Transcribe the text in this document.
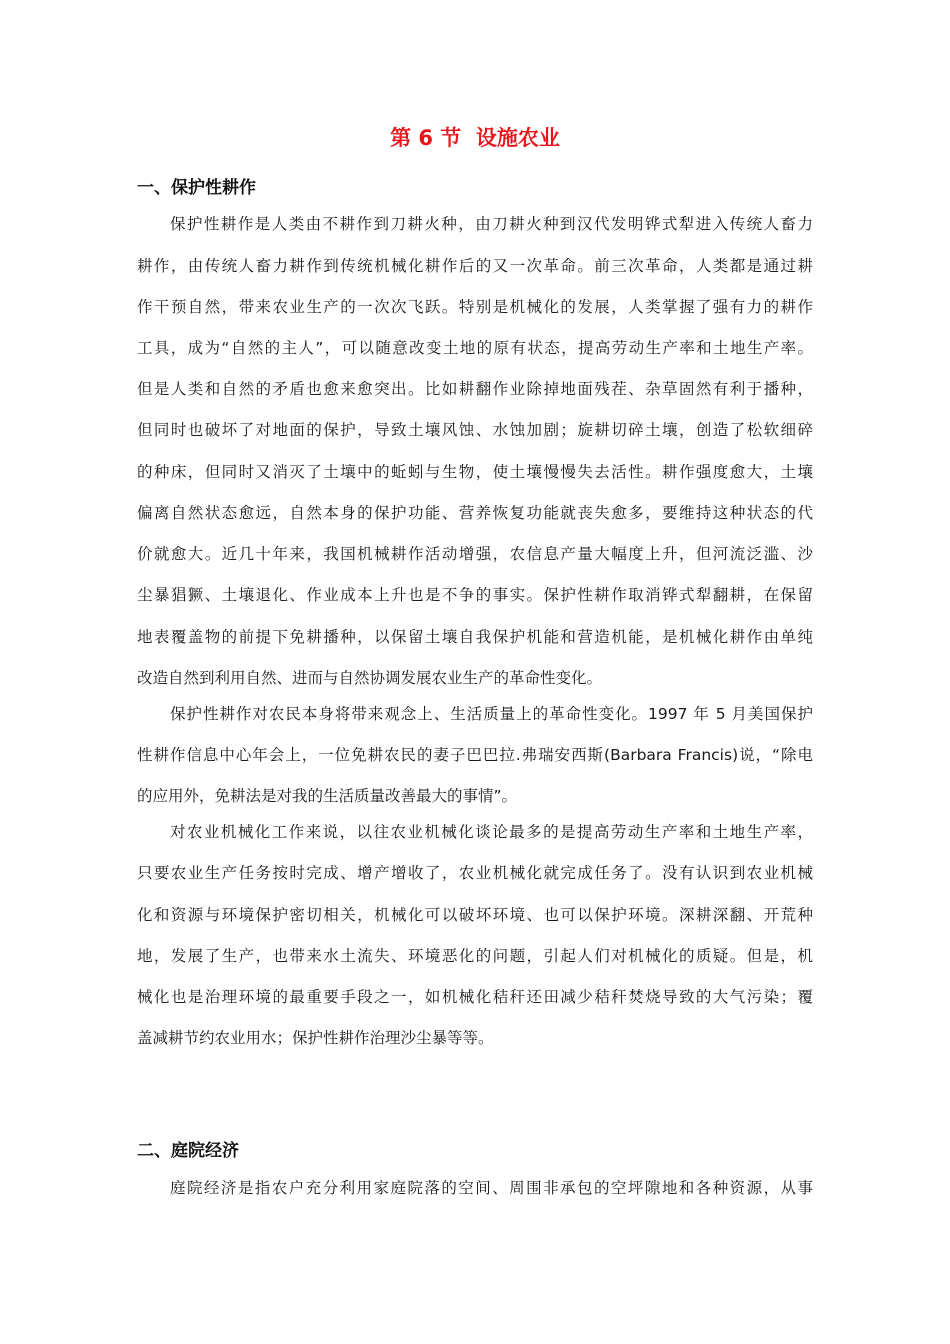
第 6 节  设施农业
一、保护性耕作
保护性耕作是人类由不耕作到刀耕火种，由刀耕火种到汉代发明铧式犁进入传统人畜力
耕作，由传统人畜力耕作到传统机械化耕作后的又一次革命。前三次革命，人类都是通过耕
作干预自然，带来农业生产的一次次飞跃。特别是机械化的发展，人类掌握了强有力的耕作
工具，成为“自然的主人”，可以随意改变土地的原有状态，提高劳动生产率和土地生产率。
但是人类和自然的矛盾也愈来愈突出。比如耕翻作业除掉地面残茬、杂草固然有利于播种，
但同时也破坏了对地面的保护，导致土壤风蚀、水蚀加剧；旋耕切碎土壤，创造了松软细碎
的种床，但同时又消灭了土壤中的蚯蚓与生物，使土壤慢慢失去活性。耕作强度愈大，土壤
偏离自然状态愈远，自然本身的保护功能、营养恢复功能就丧失愈多，要维持这种状态的代
价就愈大。近几十年来，我国机械耕作活动增强，农信息产量大幅度上升，但河流泛滥、沙
尘暴猖獗、土壤退化、作业成本上升也是不争的事实。保护性耕作取消铧式犁翻耕，在保留
地表覆盖物的前提下免耕播种，以保留土壤自我保护机能和营造机能，是机械化耕作由单纯
改造自然到利用自然、进而与自然协调发展农业生产的革命性变化。
保护性耕作对农民本身将带来观念上、生活质量上的革命性变化。1997 年 5 月美国保护
性耕作信息中心年会上，一位免耕农民的妻子巴巴拉.弗瑞安西斯(Barbara Francis)说，“除电
的应用外，免耕法是对我的生活质量改善最大的事情”。
对农业机械化工作来说，以往农业机械化谈论最多的是提高劳动生产率和土地生产率，
只要农业生产任务按时完成、增产增收了，农业机械化就完成任务了。没有认识到农业机械
化和资源与环境保护密切相关，机械化可以破坏环境、也可以保护环境。深耕深翻、开荒种
地，发展了生产，也带来水土流失、环境恶化的问题，引起人们对机械化的质疑。但是，机
械化也是治理环境的最重要手段之一，如机械化秸秆还田减少秸秆焚烧导致的大气污染；覆
盖减耕节约农业用水；保护性耕作治理沙尘暴等等。
二、庭院经济
庭院经济是指农户充分利用家庭院落的空间、周围非承包的空坪隙地和各种资源，从事
